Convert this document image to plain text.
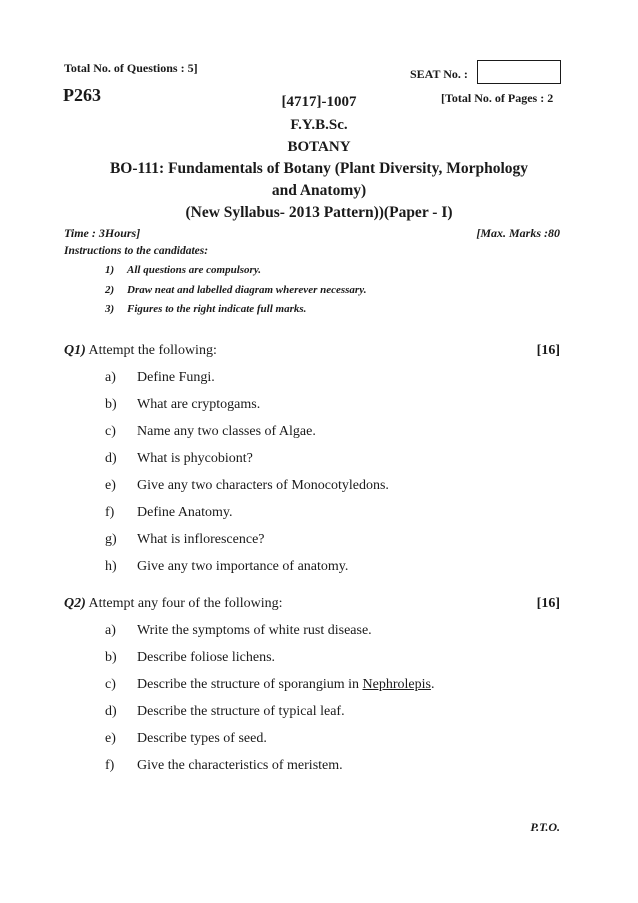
Total No. of Questions : 5]	SEAT No. :
P263	[Total No. of Pages : 2
[4717]-1007
F.Y.B.Sc.
BOTANY
BO-111: Fundamentals of Botany (Plant Diversity, Morphology
and Anatomy)
(New Syllabus- 2013 Pattern))(Paper - I)
Time : 3Hours]	[Max. Marks :80
Instructions to the candidates:
1) All questions are compulsory.
2) Draw neat and labelled diagram wherever necessary.
3) Figures to the right indicate full marks.
Q1) Attempt the following:	[16]
a) Define Fungi.
b) What are cryptogams.
c) Name any two classes of Algae.
d) What is phycobiont?
e) Give any two characters of Monocotyledons.
f) Define Anatomy.
g) What is inflorescence?
h) Give any two importance of anatomy.
Q2) Attempt any four of the following:	[16]
a) Write the symptoms of white rust disease.
b) Describe foliose lichens.
c) Describe the structure of sporangium in Nephrolepis.
d) Describe the structure of typical leaf.
e) Describe types of seed.
f) Give the characteristics of meristem.
P.T.O.
